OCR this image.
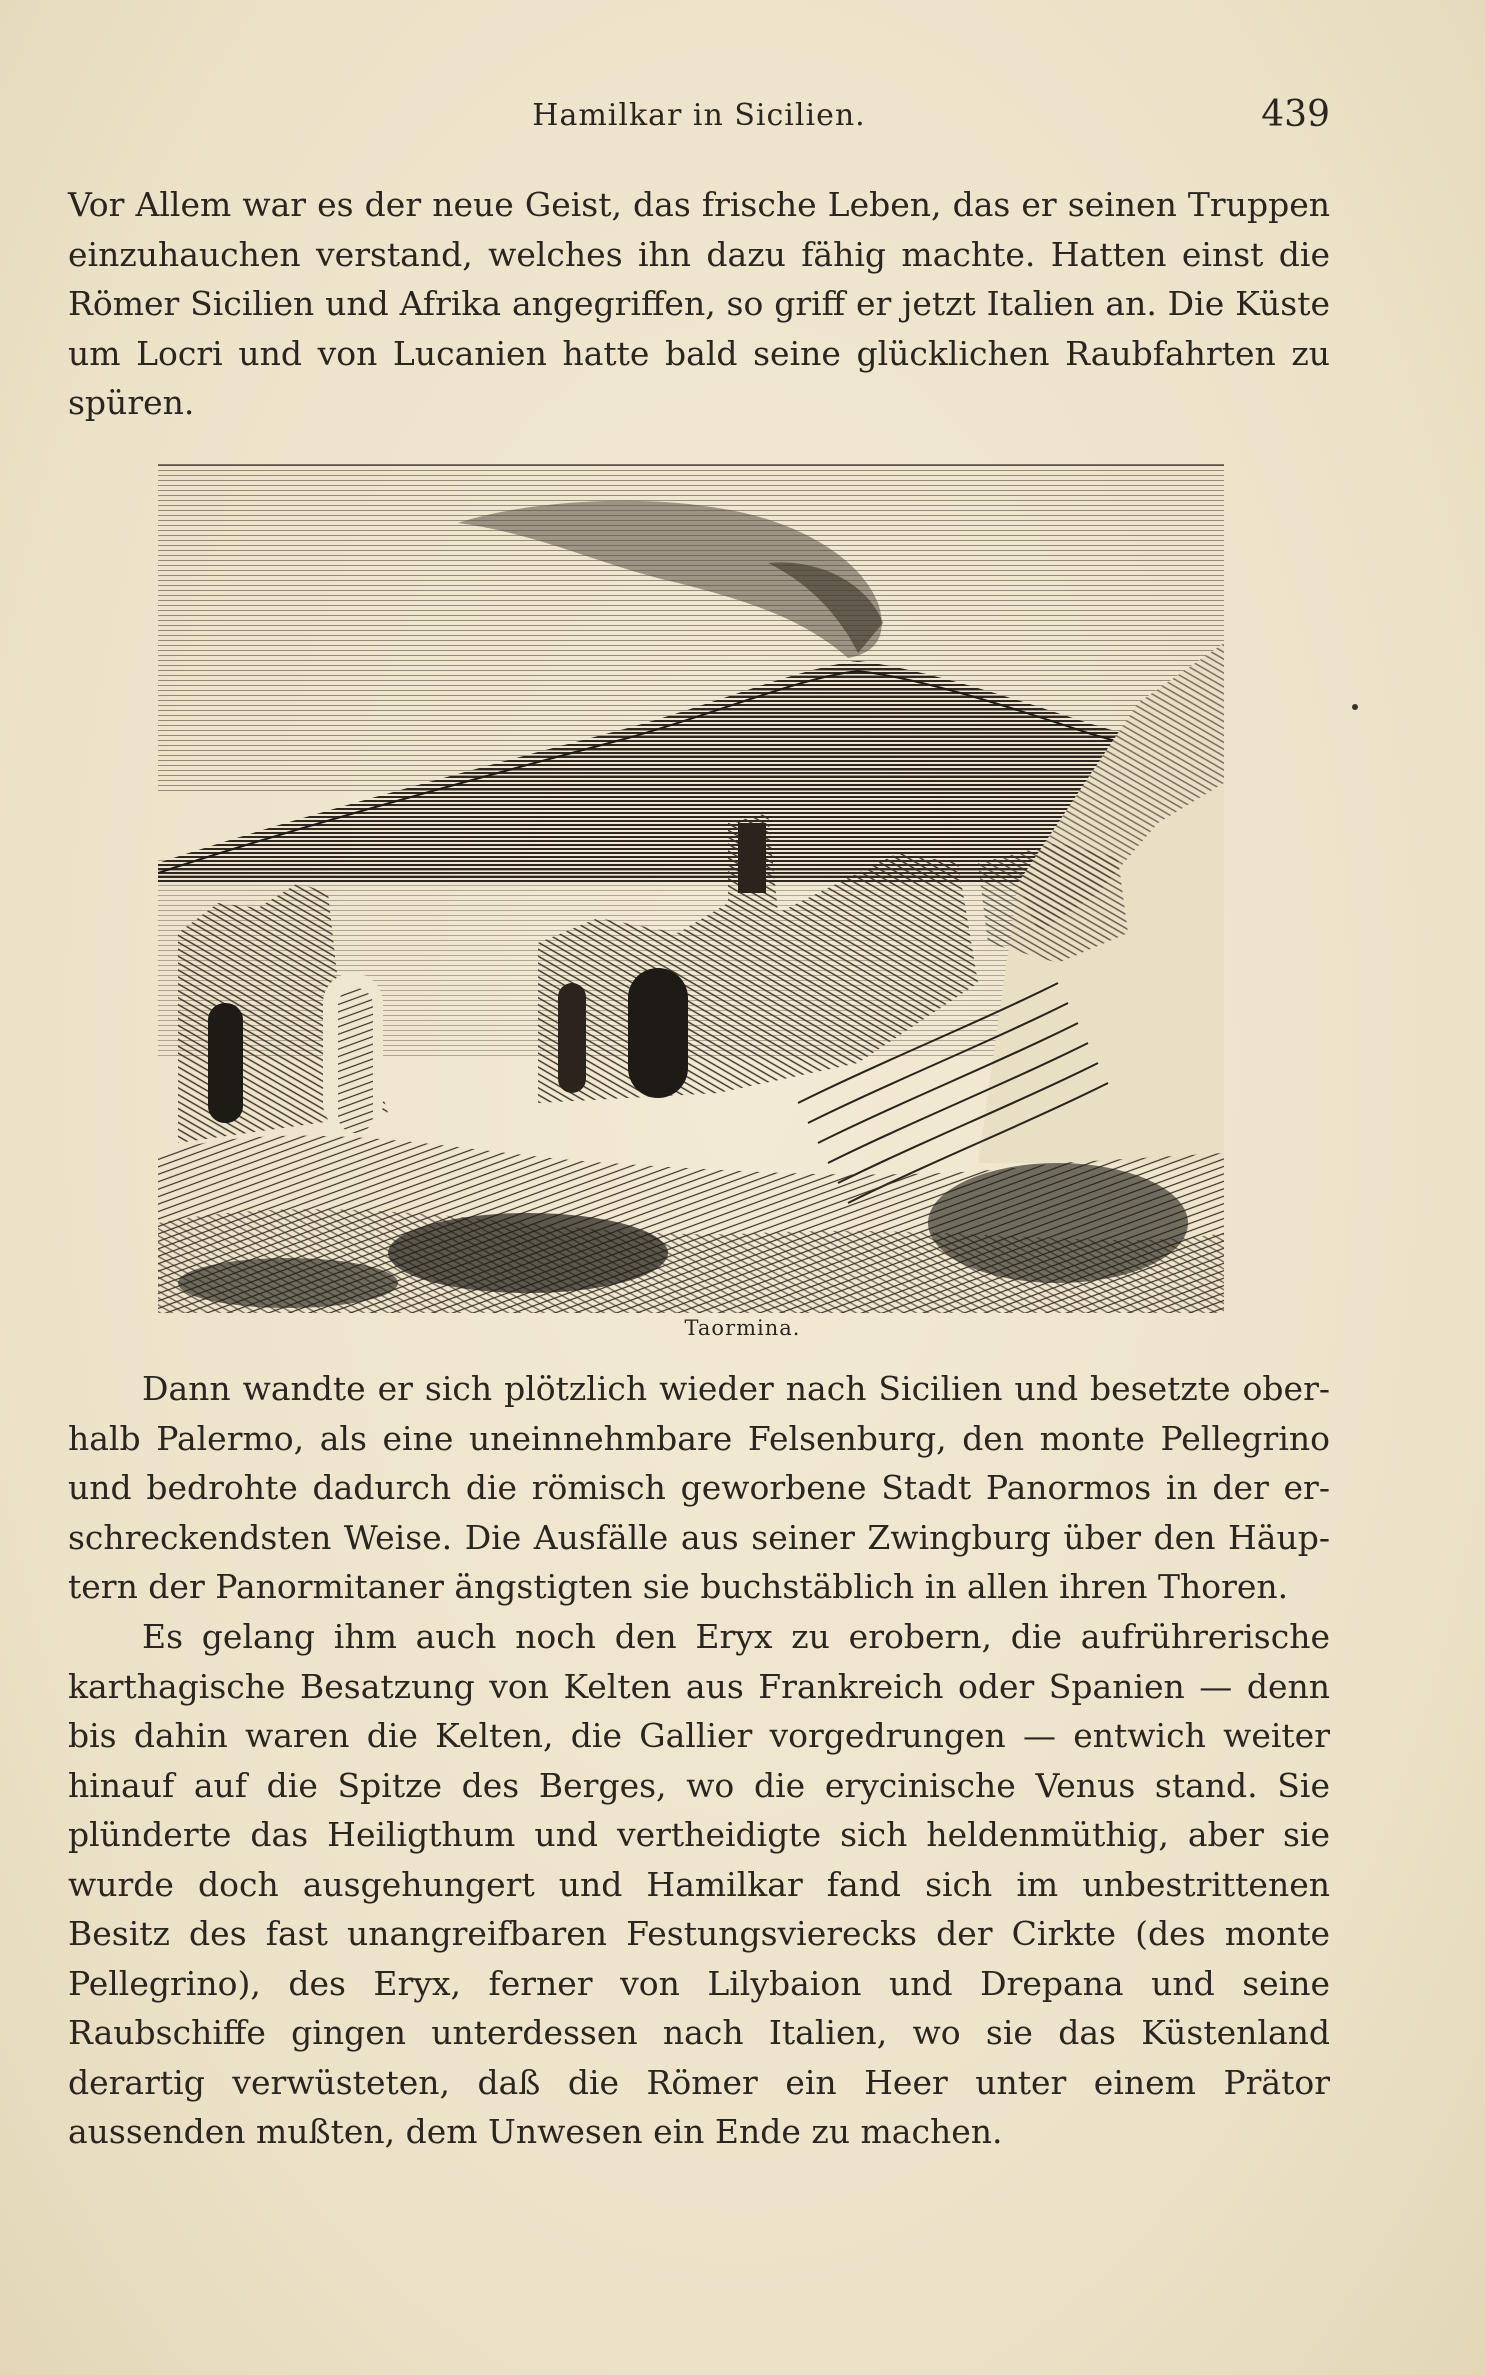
Hamilkar in Sicilien.	439

Vor Allem war es der neue Geist, das frische Leben, das er seinen Truppen einzuhauchen verstand, welches ihn dazu fähig machte. Hatten einst die Römer Sicilien und Afrika angegriffen, so griff er jetzt Italien an. Die Küste um Locri und von Lucanien hatte bald seine glücklichen Raubfahrten zu spüren.

Taormina.

Dann wandte er sich plötzlich wieder nach Sicilien und besetzte oberhalb Palermo, als eine uneinnehmbare Felsenburg, den monte Pellegrino und bedrohte dadurch die römisch geworbene Stadt Panormos in der erschreckendsten Weise. Die Ausfälle aus seiner Zwingburg über den Häuptern der Panormitaner ängstigten sie buchstäblich in allen ihren Thoren.

Es gelang ihm auch noch den Eryx zu erobern, die aufrührerische karthagische Besatzung von Kelten aus Frankreich oder Spanien — denn bis dahin waren die Kelten, die Gallier vorgedrungen — entwich weiter hinauf auf die Spitze des Berges, wo die erycinische Venus stand. Sie plünderte das Heiligthum und vertheidigte sich heldenmüthig, aber sie wurde doch ausgehungert und Hamilkar fand sich im unbestrittenen Besitz des fast unangreifbaren Festungsvierecks der Cirkte (des monte Pellegrino), des Eryx, ferner von Lilybaion und Drepana und seine Raubschiffe gingen unterdessen nach Italien, wo sie das Küstenland derartig verwüsteten, daß die Römer ein Heer unter einem Prätor aussenden mußten, dem Unwesen ein Ende zu machen.
